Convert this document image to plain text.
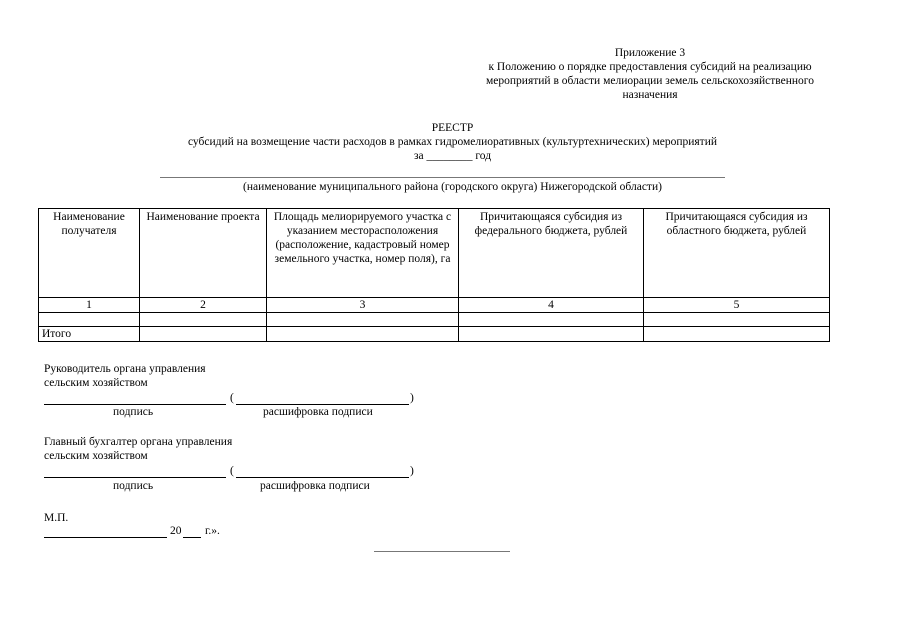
Приложение 3
к Положению о порядке предоставления субсидий на реализацию
мероприятий в области мелиорации земель сельскохозяйственного
назначения
РЕЕСТР
субсидий на возмещение части расходов в рамках гидромелиоративных (культуртехнических) мероприятий
за ________ год
(наименование муниципального района (городского округа) Нижегородской области)
Наименование получателя	Наименование проекта	Площадь мелиорируемого участка с указанием месторасположения (расположение, кадастровый номер земельного участка, номер поля), га	Причитающаяся субсидия из федерального бюджета, рублей	Причитающаяся субсидия из областного бюджета, рублей
1	2	3	4	5

Итого				
Руководитель органа управления
сельским хозяйством
(	)
подпись	расшифровка подписи
Главный бухгалтер органа управления
сельским хозяйством
(	)
подпись	расшифровка подписи
М.П.
20 г.».
